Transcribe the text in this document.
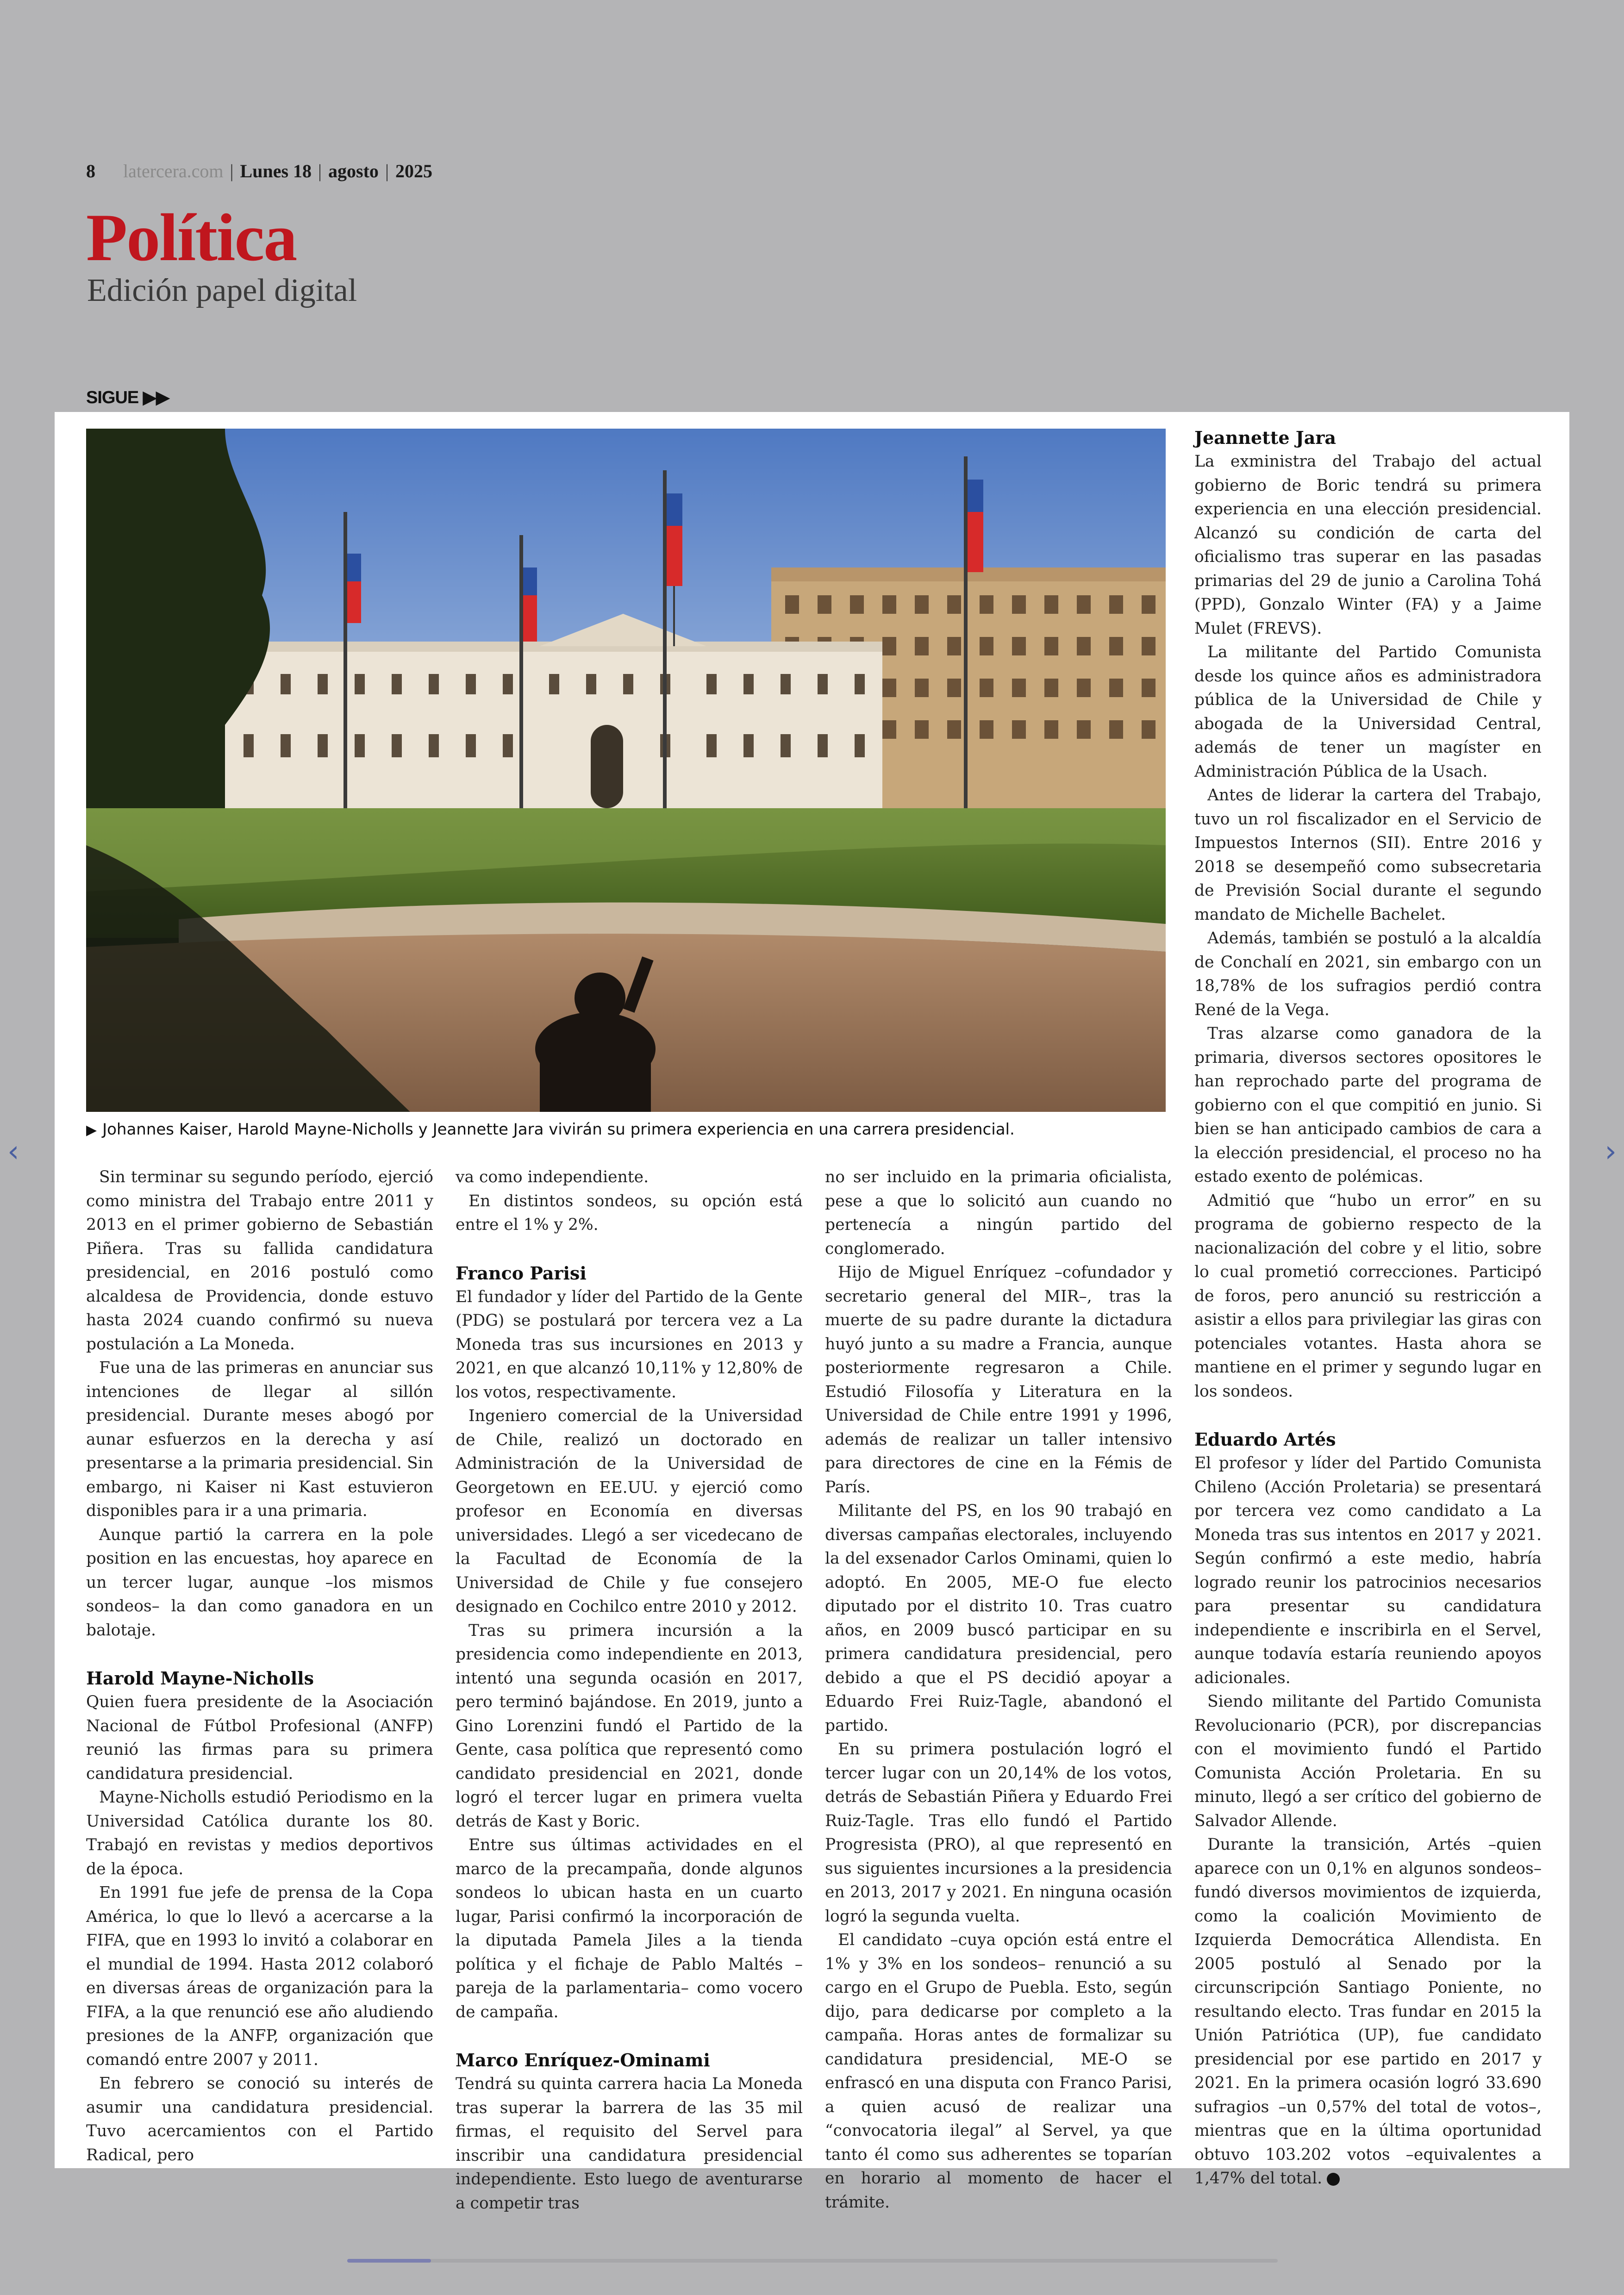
8 latercera.com | Lunes 18 | agosto | 2025
Política
Edición papel digital
SIGUE ▶▶
‹	›
▶ Johannes Kaiser, Harold Mayne-Nicholls y Jeannette Jara vivirán su primera experiencia en una carrera presidencial.

Sin terminar su segundo período, ejerció como ministra del Trabajo entre 2011 y 2013 en el primer gobierno de Sebastián Piñera. Tras su fallida candidatura presidencial, en 2016 postuló como alcaldesa de Providencia, donde estuvo hasta 2024 cuando confirmó su nueva postulación a La Moneda.

Fue una de las primeras en anunciar sus intenciones de llegar al sillón presidencial. Durante meses abogó por aunar esfuerzos en la derecha y así presentarse a la primaria presidencial. Sin embargo, ni Kaiser ni Kast estuvieron disponibles para ir a una primaria.

Aunque partió la carrera en la pole position en las encuestas, hoy aparece en un tercer lugar, aunque –los mismos sondeos– la dan como ganadora en un balotaje.

Harold Mayne-Nicholls

Quien fuera presidente de la Asociación Nacional de Fútbol Profesional (ANFP) reunió las firmas para su primera candidatura presidencial.

Mayne-Nicholls estudió Periodismo en la Universidad Católica durante los 80. Trabajó en revistas y medios deportivos de la época.

En 1991 fue jefe de prensa de la Copa América, lo que lo llevó a acercarse a la FIFA, que en 1993 lo invitó a colaborar en el mundial de 1994. Hasta 2012 colaboró en diversas áreas de organización para la FIFA, a la que renunció ese año aludiendo presiones de la ANFP, organización que comandó entre 2007 y 2011.

En febrero se conoció su interés de asumir una candidatura presidencial. Tuvo acercamientos con el Partido Radical, pero

va como independiente.

En distintos sondeos, su opción está entre el 1% y 2%.

Franco Parisi

El fundador y líder del Partido de la Gente (PDG) se postulará por tercera vez a La Moneda tras sus incursiones en 2013 y 2021, en que alcanzó 10,11% y 12,80% de los votos, respectivamente.

Ingeniero comercial de la Universidad de Chile, realizó un doctorado en Administración de la Universidad de Georgetown en EE.UU. y ejerció como profesor en Economía en diversas universidades. Llegó a ser vicedecano de la Facultad de Economía de la Universidad de Chile y fue consejero designado en Cochilco entre 2010 y 2012.

Tras su primera incursión a la presidencia como independiente en 2013, intentó una segunda ocasión en 2017, pero terminó bajándose. En 2019, junto a Gino Lorenzini fundó el Partido de la Gente, casa política que representó como candidato presidencial en 2021, donde logró el tercer lugar en primera vuelta detrás de Kast y Boric.

Entre sus últimas actividades en el marco de la precampaña, donde algunos sondeos lo ubican hasta en un cuarto lugar, Parisi confirmó la incorporación de la diputada Pamela Jiles a la tienda política y el fichaje de Pablo Maltés –pareja de la parlamentaria– como vocero de campaña.

Marco Enríquez-Ominami

Tendrá su quinta carrera hacia La Moneda tras superar la barrera de las 35 mil firmas, el requisito del Servel para inscribir una candidatura presidencial independiente. Esto luego de aventurarse a competir tras

no ser incluido en la primaria oficialista, pese a que lo solicitó aun cuando no pertenecía a ningún partido del conglomerado.

Hijo de Miguel Enríquez –cofundador y secretario general del MIR–, tras la muerte de su padre durante la dictadura huyó junto a su madre a Francia, aunque posteriormente regresaron a Chile. Estudió Filosofía y Literatura en la Universidad de Chile entre 1991 y 1996, además de realizar un taller intensivo para directores de cine en la Fémis de París.

Militante del PS, en los 90 trabajó en diversas campañas electorales, incluyendo la del exsenador Carlos Ominami, quien lo adoptó. En 2005, ME-O fue electo diputado por el distrito 10. Tras cuatro años, en 2009 buscó participar en su primera candidatura presidencial, pero debido a que el PS decidió apoyar a Eduardo Frei Ruiz-Tagle, abandonó el partido.

En su primera postulación logró el tercer lugar con un 20,14% de los votos, detrás de Sebastián Piñera y Eduardo Frei Ruiz-Tagle. Tras ello fundó el Partido Progresista (PRO), al que representó en sus siguientes incursiones a la presidencia en 2013, 2017 y 2021. En ninguna ocasión logró la segunda vuelta.

El candidato –cuya opción está entre el 1% y 3% en los sondeos– renunció a su cargo en el Grupo de Puebla. Esto, según dijo, para dedicarse por completo a la campaña. Horas antes de formalizar su candidatura presidencial, ME-O se enfrascó en una disputa con Franco Parisi, a quien acusó de realizar una “convocatoria ilegal” al Servel, ya que tanto él como sus adherentes se toparían en horario al momento de hacer el trámite.

Jeannette Jara

La exministra del Trabajo del actual gobierno de Boric tendrá su primera experiencia en una elección presidencial. Alcanzó su condición de carta del oficialismo tras superar en las pasadas primarias del 29 de junio a Carolina Tohá (PPD), Gonzalo Winter (FA) y a Jaime Mulet (FREVS).

La militante del Partido Comunista desde los quince años es administradora pública de la Universidad de Chile y abogada de la Universidad Central, además de tener un magíster en Administración Pública de la Usach.

Antes de liderar la cartera del Trabajo, tuvo un rol fiscalizador en el Servicio de Impuestos Internos (SII). Entre 2016 y 2018 se desempeñó como subsecretaria de Previsión Social durante el segundo mandato de Michelle Bachelet.

Además, también se postuló a la alcaldía de Conchalí en 2021, sin embargo con un 18,78% de los sufragios perdió contra René de la Vega.

Tras alzarse como ganadora de la primaria, diversos sectores opositores le han reprochado parte del programa de gobierno con el que compitió en junio. Si bien se han anticipado cambios de cara a la elección presidencial, el proceso no ha estado exento de polémicas.

Admitió que “hubo un error” en su programa de gobierno respecto de la nacionalización del cobre y el litio, sobre lo cual prometió correcciones. Participó de foros, pero anunció su restricción a asistir a ellos para privilegiar las giras con potenciales votantes. Hasta ahora se mantiene en el primer y segundo lugar en los sondeos.

Eduardo Artés

El profesor y líder del Partido Comunista Chileno (Acción Proletaria) se presentará por tercera vez como candidato a La Moneda tras sus intentos en 2017 y 2021. Según confirmó a este medio, habría logrado reunir los patrocinios necesarios para presentar su candidatura independiente e inscribirla en el Servel, aunque todavía estaría reuniendo apoyos adicionales.

Siendo militante del Partido Comunista Revolucionario (PCR), por discrepancias con el movimiento fundó el Partido Comunista Acción Proletaria. En su minuto, llegó a ser crítico del gobierno de Salvador Allende.

Durante la transición, Artés –quien aparece con un 0,1% en algunos sondeos– fundó diversos movimientos de izquierda, como la coalición Movimiento de Izquierda Democrática Allendista. En 2005 postuló al Senado por la circunscripción Santiago Poniente, no resultando electo. Tras fundar en 2015 la Unión Patriótica (UP), fue candidato presidencial por ese partido en 2017 y 2021. En la primera ocasión logró 33.690 sufragios –un 0,57% del total de votos–, mientras que en la última oportunidad obtuvo 103.202 votos –equivalentes a 1,47% del total.
